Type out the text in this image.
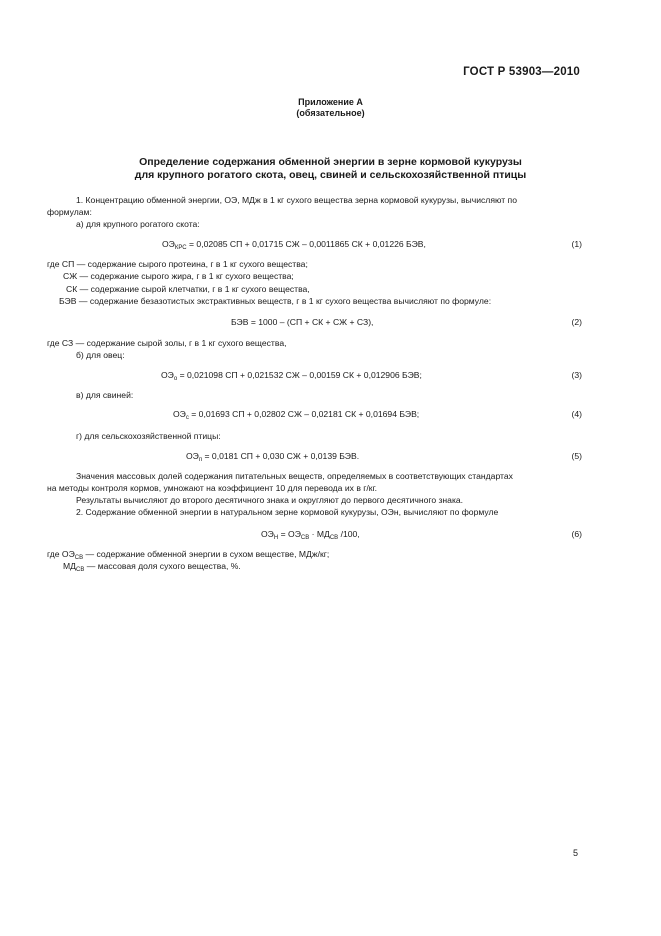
ГОСТ Р 53903—2010
Приложение А
(обязательное)
Определение содержания обменной энергии в зерне кормовой кукурузы
для крупного рогатого скота, овец, свиней и сельскохозяйственной птицы
1. Концентрацию обменной энергии, ОЭ, МДж в 1 кг сухого вещества зерна кормовой кукурузы, вычисляют по
формулам:
а) для крупного рогатого скота:
$ОЭ_{КРС} = 0,02085$ СП + 0,01715 СЖ – 0,0011865 СК + 0,01226 БЭВ,	(1)
где СП — содержание сырого протеина, г в 1 кг сухого вещества;
СЖ — содержание сырого жира, г в 1 кг сухого вещества;
СК — содержание сырой клетчатки, г в 1 кг сухого вещества,
БЭВ — содержание безазотистых экстрактивных веществ, г в 1 кг сухого вещества вычисляют по формуле:
БЭВ = 1000 – (СП + СК + СЖ + СЗ),	(2)
где СЗ — содержание сырой золы, г в 1 кг сухого вещества,
б) для овец:
$ОЭ_о = 0,021098$ СП + 0,021532 СЖ – 0,00159 СК + 0,012906 БЭВ;	(3)
в) для свиней:
$ОЭ_с = 0,01693$ СП + 0,02802 СЖ – 0,02181 СК + 0,01694 БЭВ;	(4)
г) для сельскохозяйственной птицы:
$ОЭ_п = 0,0181$ СП + 0,030 СЖ + 0,0139 БЭВ.	(5)
Значения массовых долей содержания питательных веществ, определяемых в соответствующих стандартах
на методы контроля кормов, умножают на коэффициент 10 для перевода их в г/кг.
Результаты вычисляют до второго десятичного знака и округляют до первого десятичного знака.
2. Содержание обменной энергии в натуральном зерне кормовой кукурузы, ОЭн, вычисляют по формуле
$ОЭ_Н = ОЭ_{СВ} \cdot МД_{СВ}$ /100,	(6)
где $ОЭ_{СВ}$ — содержание обменной энергии в сухом веществе, МДж/кг;
$МД_{СВ}$ — массовая доля сухого вещества, %.
5
